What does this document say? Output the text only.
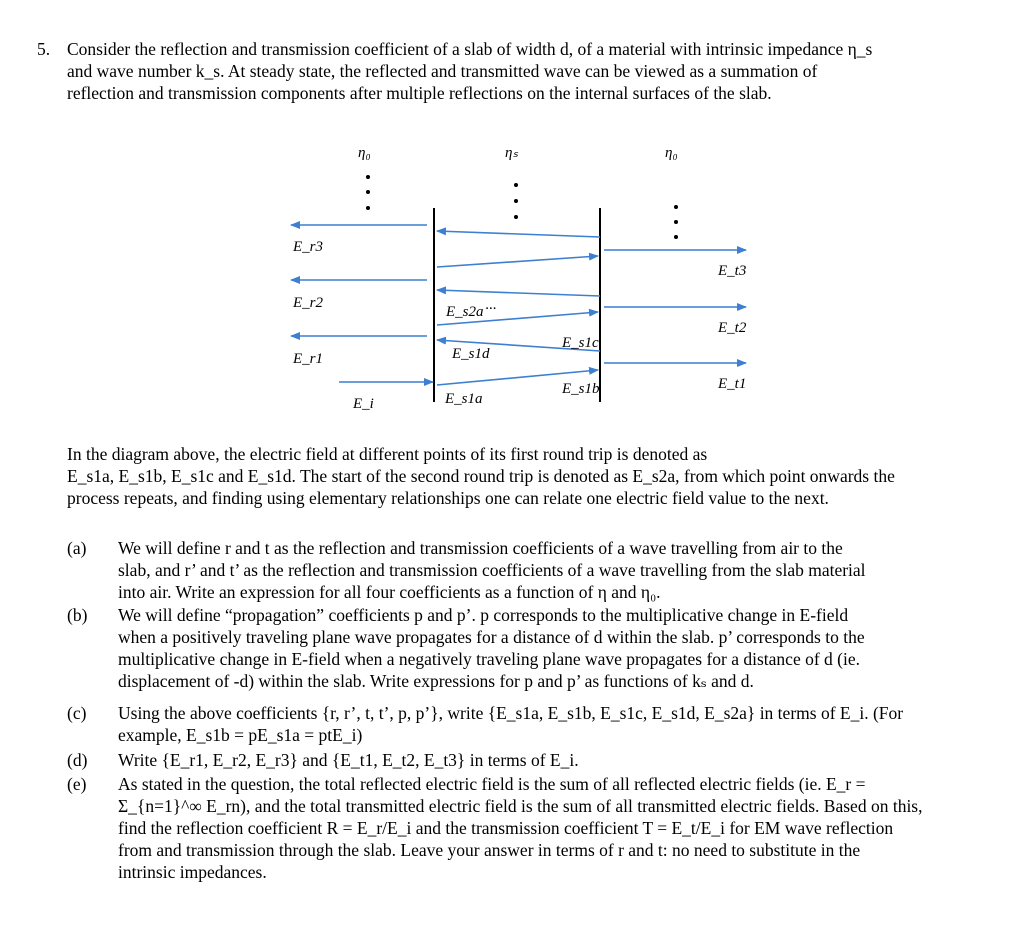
5. Consider the reflection and transmission coefficient of a slab of width d, of a material with intrinsic impedance η_s
and wave number k_s. At steady state, the reflected and transmitted wave can be viewed as a summation of
reflection and transmission components after multiple reflections on the internal surfaces of the slab.
η₀	ηₛ	η₀
E_r3
E_r2
E_r1
E_i
E_s2a ···
E_s1d
E_s1a
E_s1c
E_s1b
E_t3
E_t2
E_t1
In the diagram above, the electric field at different points of its first round trip is denoted as
E_s1a, E_s1b, E_s1c and E_s1d. The start of the second round trip is denoted as E_s2a, from which point onwards the
process repeats, and finding using elementary relationships one can relate one electric field value to the next.
(a) We will define r and t as the reflection and transmission coefficients of a wave travelling from air to the
slab, and r’ and t’ as the reflection and transmission coefficients of a wave travelling from the slab material
into air. Write an expression for all four coefficients as a function of η and η₀.
(b) We will define “propagation” coefficients p and p’. p corresponds to the multiplicative change in E-field
when a positively traveling plane wave propagates for a distance of d within the slab. p’ corresponds to the
multiplicative change in E-field when a negatively traveling plane wave propagates for a distance of d (ie.
displacement of -d) within the slab. Write expressions for p and p’ as functions of kₛ and d.
(c) Using the above coefficients {r, r’, t, t’, p, p’}, write {E_s1a, E_s1b, E_s1c, E_s1d, E_s2a} in terms of E_i. (For
example, E_s1b = pE_s1a = ptE_i)
(d) Write {E_r1, E_r2, E_r3} and {E_t1, E_t2, E_t3} in terms of E_i.
(e) As stated in the question, the total reflected electric field is the sum of all reflected electric fields (ie. E_r =
Σ_{n=1}^∞ E_rn), and the total transmitted electric field is the sum of all transmitted electric fields. Based on this,
find the reflection coefficient R = E_r/E_i and the transmission coefficient T = E_t/E_i for EM wave reflection
from and transmission through the slab. Leave your answer in terms of r and t: no need to substitute in the
intrinsic impedances.
